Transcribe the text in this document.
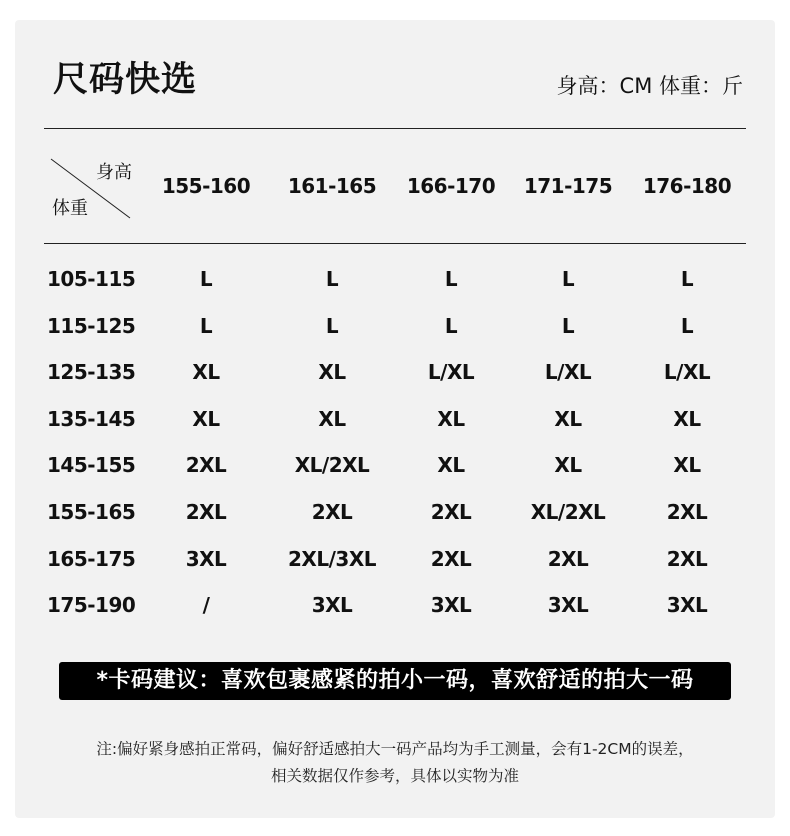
尺码快选	身高：CM 体重：斤
身高
体重
155-160	161-165	166-170	171-175	176-180
105-115	L	L	L	L	L
115-125	L	L	L	L	L
125-135	XL	XL	L/XL	L/XL	L/XL
135-145	XL	XL	XL	XL	XL
145-155	2XL	XL/2XL	XL	XL	XL
155-165	2XL	2XL	2XL	XL/2XL	2XL
165-175	3XL	2XL/3XL	2XL	2XL	2XL
175-190	/	3XL	3XL	3XL	3XL
*卡码建议：喜欢包裹感紧的拍小一码，喜欢舒适的拍大一码
注:偏好紧身感拍正常码，偏好舒适感拍大一码产品均为手工测量，会有1-2CM的误差，
相关数据仅作参考，具体以实物为准
